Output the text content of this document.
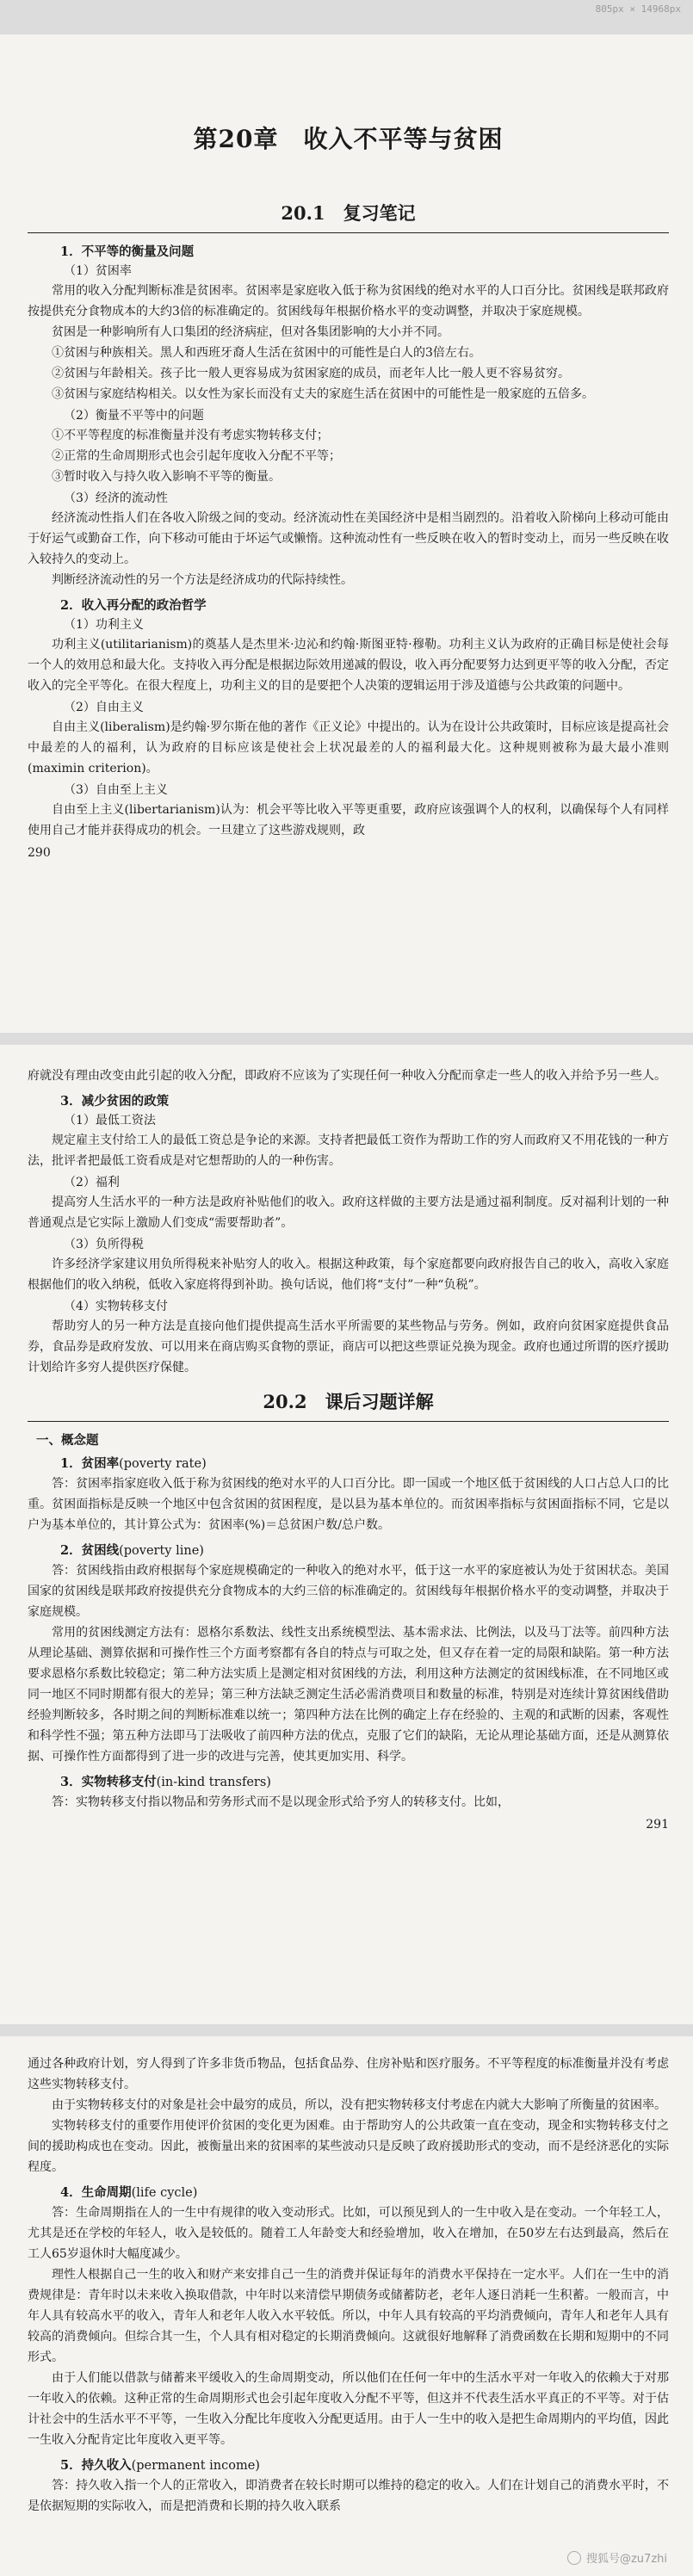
805px × 14968px
第20章　收入不平等与贫困
20.1　复习笔记
1．不平等的衡量及问题
（1）贫困率

常用的收入分配判断标准是贫困率。贫困率是家庭收入低于称为贫困线的绝对水平的人口百分比。贫困线是联邦政府按提供充分食物成本的大约3倍的标准确定的。贫困线每年根据价格水平的变动调整，并取决于家庭规模。

贫困是一种影响所有人口集团的经济病症，但对各集团影响的大小并不同。

①贫困与种族相关。黑人和西班牙裔人生活在贫困中的可能性是白人的3倍左右。

②贫困与年龄相关。孩子比一般人更容易成为贫困家庭的成员，而老年人比一般人更不容易贫穷。

③贫困与家庭结构相关。以女性为家长而没有丈夫的家庭生活在贫困中的可能性是一般家庭的五倍多。

（2）衡量不平等中的问题

①不平等程度的标准衡量并没有考虑实物转移支付；

②正常的生命周期形式也会引起年度收入分配不平等；

③暂时收入与持久收入影响不平等的衡量。

（3）经济的流动性

经济流动性指人们在各收入阶级之间的变动。经济流动性在美国经济中是相当剧烈的。沿着收入阶梯向上移动可能由于好运气或勤奋工作，向下移动可能由于坏运气或懒惰。这种流动性有一些反映在收入的暂时变动上，而另一些反映在收入较持久的变动上。

判断经济流动性的另一个方法是经济成功的代际持续性。

2．收入再分配的政治哲学
（1）功利主义

功利主义(utilitarianism)的奠基人是杰里米·边沁和约翰·斯图亚特·穆勒。功利主义认为政府的正确目标是使社会每一个人的效用总和最大化。支持收入再分配是根据边际效用递减的假设，收入再分配要努力达到更平等的收入分配，否定收入的完全平等化。在很大程度上，功利主义的目的是要把个人决策的逻辑运用于涉及道德与公共政策的问题中。

（2）自由主义

自由主义(liberalism)是约翰·罗尔斯在他的著作《正义论》中提出的。认为在设计公共政策时，目标应该是提高社会中最差的人的福利，认为政府的目标应该是使社会上状况最差的人的福利最大化。这种规则被称为最大最小准则(maximin criterion)。

（3）自由至上主义

自由至上主义(libertarianism)认为：机会平等比收入平等更重要，政府应该强调个人的权利，以确保每个人有同样使用自己才能并获得成功的机会。一旦建立了这些游戏规则，政

290

府就没有理由改变由此引起的收入分配，即政府不应该为了实现任何一种收入分配而拿走一些人的收入并给予另一些人。

3．减少贫困的政策
（1）最低工资法

规定雇主支付给工人的最低工资总是争论的来源。支持者把最低工资作为帮助工作的穷人而政府又不用花钱的一种方法，批评者把最低工资看成是对它想帮助的人的一种伤害。

（2）福利

提高穷人生活水平的一种方法是政府补贴他们的收入。政府这样做的主要方法是通过福利制度。反对福利计划的一种普通观点是它实际上激励人们变成“需要帮助者”。

（3）负所得税

许多经济学家建议用负所得税来补贴穷人的收入。根据这种政策，每个家庭都要向政府报告自己的收入，高收入家庭根据他们的收入纳税，低收入家庭将得到补助。换句话说，他们将“支付”一种“负税”。

（4）实物转移支付

帮助穷人的另一种方法是直接向他们提供提高生活水平所需要的某些物品与劳务。例如，政府向贫困家庭提供食品券，食品券是政府发放、可以用来在商店购买食物的票证，商店可以把这些票证兑换为现金。政府也通过所谓的医疗援助计划给许多穷人提供医疗保健。

20.2　课后习题详解
一、概念题
1．贫困率(poverty rate)

答：贫困率指家庭收入低于称为贫困线的绝对水平的人口百分比。即一国或一个地区低于贫困线的人口占总人口的比重。贫困面指标是反映一个地区中包含贫困的贫困程度，是以县为基本单位的。而贫困率指标与贫困面指标不同，它是以户为基本单位的，其计算公式为：贫困率(%)＝总贫困户数/总户数。

2．贫困线(poverty line)

答：贫困线指由政府根据每个家庭规模确定的一种收入的绝对水平，低于这一水平的家庭被认为处于贫困状态。美国国家的贫困线是联邦政府按提供充分食物成本的大约三倍的标准确定的。贫困线每年根据价格水平的变动调整，并取决于家庭规模。

常用的贫困线测定方法有：恩格尔系数法、线性支出系统模型法、基本需求法、比例法，以及马丁法等。前四种方法从理论基础、测算依据和可操作性三个方面考察都有各自的特点与可取之处，但又存在着一定的局限和缺陷。第一种方法要求恩格尔系数比较稳定；第二种方法实质上是测定相对贫困线的方法，利用这种方法测定的贫困线标准，在不同地区或同一地区不同时期都有很大的差异；第三种方法缺乏测定生活必需消费项目和数量的标准，特别是对连续计算贫困线借助经验判断较多，各时期之间的判断标准难以统一；第四种方法在比例的确定上存在经验的、主观的和武断的因素，客观性和科学性不强；第五种方法即马丁法吸收了前四种方法的优点，克服了它们的缺陷，无论从理论基础方面，还是从测算依据、可操作性方面都得到了进一步的改进与完善，使其更加实用、科学。

3．实物转移支付(in-kind transfers)

答：实物转移支付指以物品和劳务形式而不是以现金形式给予穷人的转移支付。比如，

291

通过各种政府计划，穷人得到了许多非货币物品，包括食品券、住房补贴和医疗服务。不平等程度的标准衡量并没有考虑这些实物转移支付。

由于实物转移支付的对象是社会中最穷的成员，所以，没有把实物转移支付考虑在内就大大影响了所衡量的贫困率。

实物转移支付的重要作用使评价贫困的变化更为困难。由于帮助穷人的公共政策一直在变动，现金和实物转移支付之间的援助构成也在变动。因此，被衡量出来的贫困率的某些波动只是反映了政府援助形式的变动，而不是经济恶化的实际程度。

4．生命周期(life cycle)

答：生命周期指在人的一生中有规律的收入变动形式。比如，可以预见到人的一生中收入是在变动。一个年轻工人，尤其是还在学校的年轻人，收入是较低的。随着工人年龄变大和经验增加，收入在增加，在50岁左右达到最高，然后在工人65岁退休时大幅度减少。

理性人根据自己一生的收入和财产来安排自己一生的消费并保证每年的消费水平保持在一定水平。人们在一生中的消费规律是：青年时以未来收入换取借款，中年时以来清偿早期债务或储蓄防老，老年人逐日消耗一生积蓄。一般而言，中年人具有较高水平的收入，青年人和老年人收入水平较低。所以，中年人具有较高的平均消费倾向，青年人和老年人具有较高的消费倾向。但综合其一生，个人具有相对稳定的长期消费倾向。这就很好地解释了消费函数在长期和短期中的不同形式。

由于人们能以借款与储蓄来平缓收入的生命周期变动，所以他们在任何一年中的生活水平对一年收入的依赖大于对那一年收入的依赖。这种正常的生命周期形式也会引起年度收入分配不平等，但这并不代表生活水平真正的不平等。对于估计社会中的生活水平不平等，一生收入分配比年度收入分配更适用。由于人一生中的收入是把生命周期内的平均值，因此一生收入分配肯定比年度收入更平等。

5．持久收入(permanent income)

答：持久收入指一个人的正常收入，即消费者在较长时期可以维持的稳定的收入。人们在计划自己的消费水平时，不是依据短期的实际收入，而是把消费和长期的持久收入联系

搜狐号@zu7zhi
